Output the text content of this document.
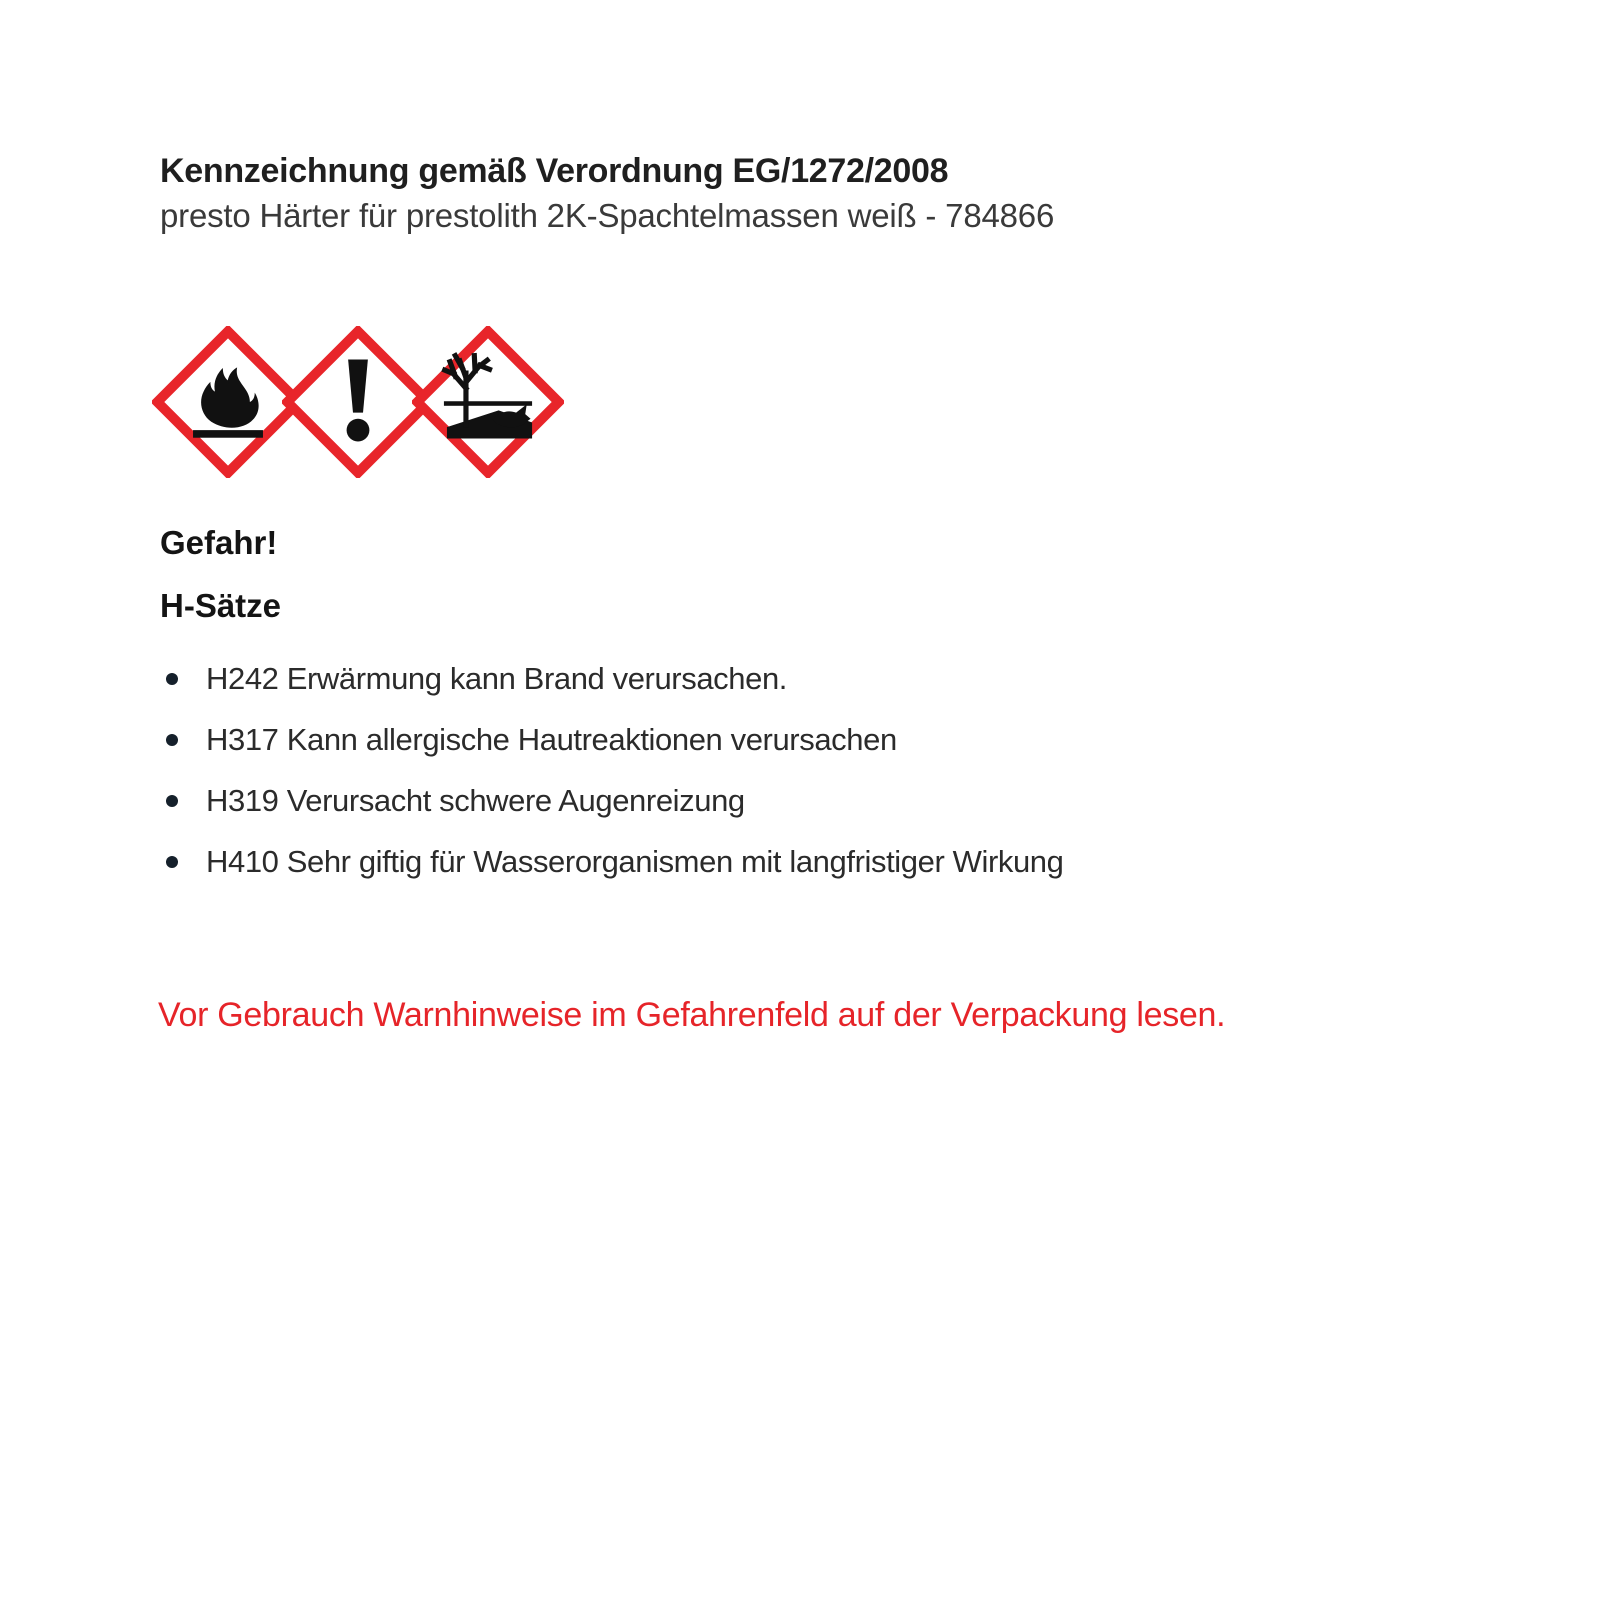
Kennzeichnung gemäß Verordnung EG/1272/2008
presto Härter für prestolith 2K-Spachtelmassen weiß - 784866
Gefahr!
H-Sätze
H242 Erwärmung kann Brand verursachen.
H317 Kann allergische Hautreaktionen verursachen
H319 Verursacht schwere Augenreizung
H410 Sehr giftig für Wasserorganismen mit langfristiger Wirkung
Vor Gebrauch Warnhinweise im Gefahrenfeld auf der Verpackung lesen.
